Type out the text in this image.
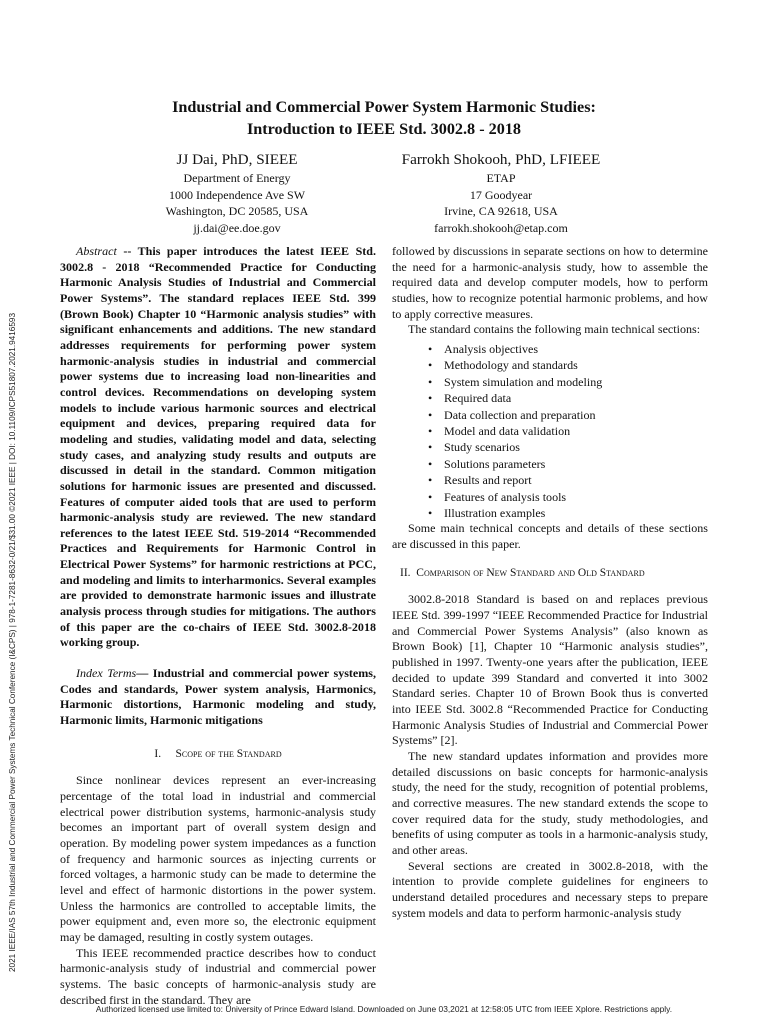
2021 IEEE/IAS 57th Industrial and Commercial Power Systems Technical Conference (I&CPS) | 978-1-7281-8632-0/21/$31.00 ©2021 IEEE | DOI: 10.1109/ICPS51807.2021.9416593
Industrial and Commercial Power System Harmonic Studies:
Introduction to IEEE Std. 3002.8 - 2018
JJ Dai, PhD, SIEEE
Department of Energy
1000 Independence Ave SW
Washington, DC 20585, USA
jj.dai@ee.doe.gov
Farrokh Shokooh, PhD, LFIEEE
ETAP
17 Goodyear
Irvine, CA 92618, USA
farrokh.shokooh@etap.com

Abstract -- This paper introduces the latest IEEE Std. 3002.8 - 2018 “Recommended Practice for Conducting Harmonic Analysis Studies of Industrial and Commercial Power Systems”. The standard replaces IEEE Std. 399 (Brown Book) Chapter 10 “Harmonic analysis studies” with significant enhancements and additions. The new standard addresses requirements for performing power system harmonic-analysis studies in industrial and commercial power systems due to increasing load non-linearities and control devices. Recommendations on developing system models to include various harmonic sources and electrical equipment and devices, preparing required data for modeling and studies, validating model and data, selecting study cases, and analyzing study results and outputs are discussed in detail in the standard. Common mitigation solutions for harmonic issues are presented and discussed. Features of computer aided tools that are used to perform harmonic-analysis study are reviewed. The new standard references to the latest IEEE Std. 519-2014 “Recommended Practices and Requirements for Harmonic Control in Electrical Power Systems” for harmonic restrictions at PCC, and modeling and limits to interharmonics. Several examples are provided to demonstrate harmonic issues and illustrate analysis process through studies for mitigations. The authors of this paper are the co-chairs of IEEE Std. 3002.8-2018 working group.

Index Terms— Industrial and commercial power systems, Codes and standards, Power system analysis, Harmonics, Harmonic distortions, Harmonic modeling and study, Harmonic limits, Harmonic mitigations

I. Scope of the Standard

Since nonlinear devices represent an ever-increasing percentage of the total load in industrial and commercial electrical power distribution systems, harmonic-analysis study becomes an important part of overall system design and operation. By modeling power system impedances as a function of frequency and harmonic sources as injecting currents or forced voltages, a harmonic study can be made to determine the level and effect of harmonic distortions in the power system. Unless the harmonics are controlled to acceptable limits, the power equipment and, even more so, the electronic equipment may be damaged, resulting in costly system outages.

This IEEE recommended practice describes how to conduct harmonic-analysis study of industrial and commercial power systems. The basic concepts of harmonic-analysis study are described first in the standard. They are

followed by discussions in separate sections on how to determine the need for a harmonic-analysis study, how to assemble the required data and develop computer models, how to perform studies, how to recognize potential harmonic problems, and how to apply corrective measures.

The standard contains the following main technical sections:

• Analysis objectives
• Methodology and standards
• System simulation and modeling
• Required data
• Data collection and preparation
• Model and data validation
• Study scenarios
• Solutions parameters
• Results and report
• Features of analysis tools
• Illustration examples

Some main technical concepts and details of these sections are discussed in this paper.

II. Comparison of New Standard and Old Standard

3002.8-2018 Standard is based on and replaces previous IEEE Std. 399-1997 “IEEE Recommended Practice for Industrial and Commercial Power Systems Analysis” (also known as Brown Book) [1], Chapter 10 “Harmonic analysis studies”, published in 1997. Twenty-one years after the publication, IEEE decided to update 399 Standard and converted it into 3002 Standard series. Chapter 10 of Brown Book thus is converted into IEEE Std. 3002.8 “Recommended Practice for Conducting Harmonic Analysis Studies of Industrial and Commercial Power Systems” [2].

The new standard updates information and provides more detailed discussions on basic concepts for harmonic-analysis study, the need for the study, recognition of potential problems, and corrective measures. The new standard extends the scope to cover required data for the study, study methodologies, and benefits of using computer as tools in a harmonic-analysis study, and other areas.

Several sections are created in 3002.8-2018, with the intention to provide complete guidelines for engineers to understand detailed procedures and necessary steps to prepare system models and data to perform harmonic-analysis study

Authorized licensed use limited to: University of Prince Edward Island. Downloaded on June 03,2021 at 12:58:05 UTC from IEEE Xplore. Restrictions apply.
